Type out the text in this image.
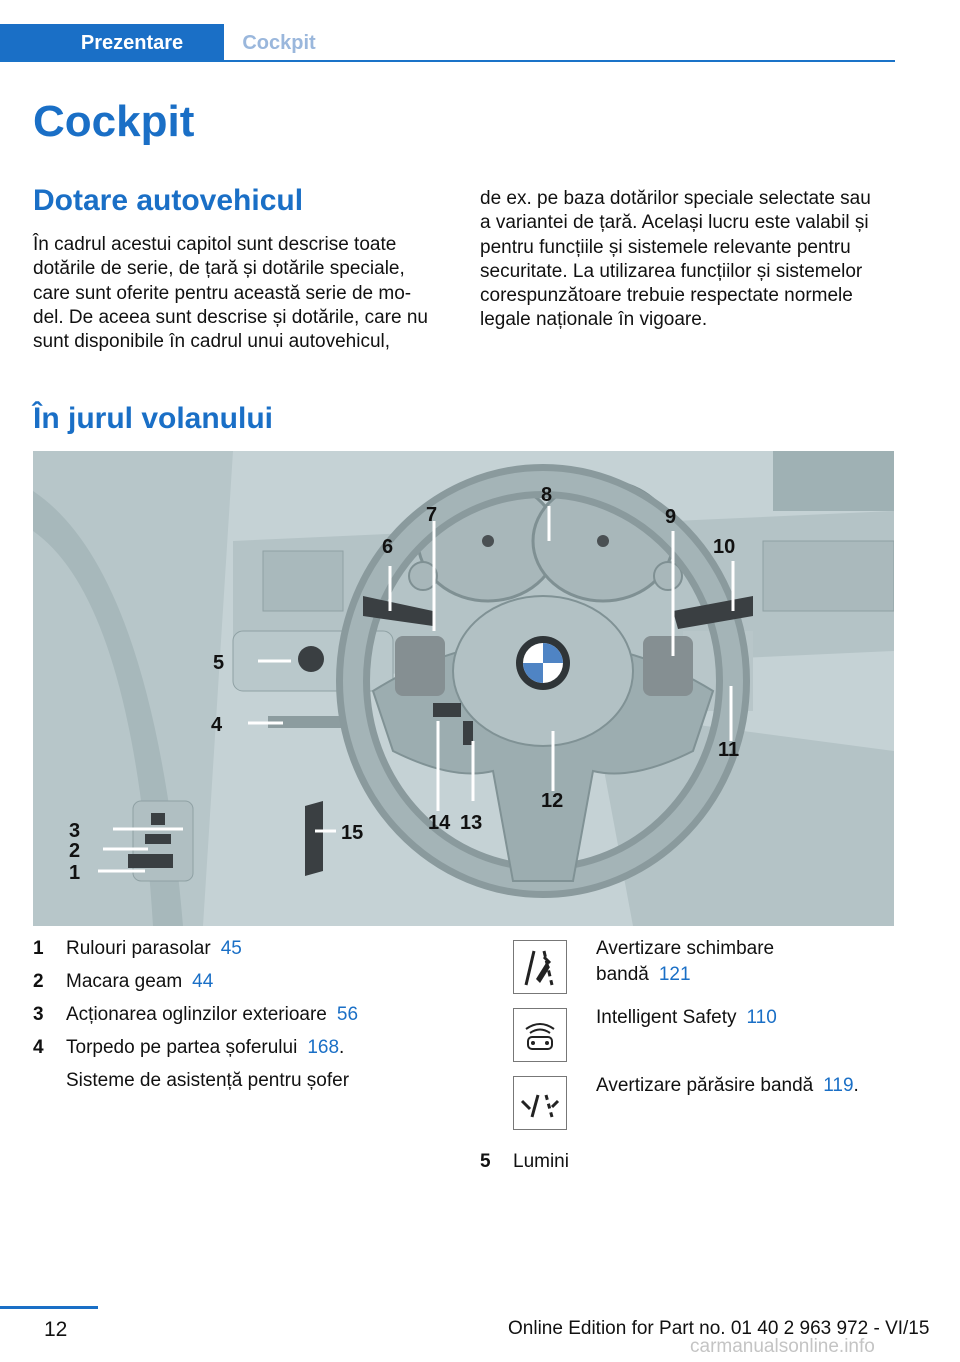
Prezentare	Cockpit
Cockpit
Dotare autovehicul
În cadrul acestui capitol sunt descrise toate
dotările de serie, de țară și dotările speciale,
care sunt oferite pentru această serie de mo-
del. De aceea sunt descrise și dotările, care nu
sunt disponibile în cadrul unui autovehicul,
de ex. pe baza dotărilor speciale selectate sau
a variantei de țară. Același lucru este valabil și
pentru funcțiile și sistemele relevante pentru
securitate. La utilizarea funcțiilor și sistemelor
corespunzătoare trebuie respectate normele
legale naționale în vigoare.
În jurul volanului
1
2
3
4
5
6
7
8
9
10
11
12
13
14
15
1 Rulouri parasolar 45
2 Macara geam 44
3 Acționarea oglinzilor exterioare 56
4 Torpedo pe partea șoferului 168.
Sisteme de asistență pentru șofer
Avertizare schimbare
bandă 121
Intelligent Safety 110
Avertizare părăsire bandă 119.
5 Lumini
12	Online Edition for Part no. 01 40 2 963 972 - VI/15
carmanualsonline.info
